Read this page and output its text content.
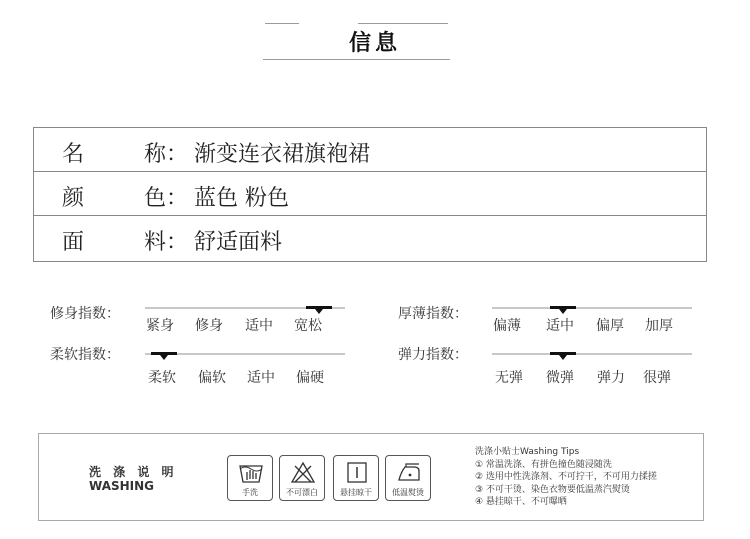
信息
名	称： 渐变连衣裙旗袍裙
颜	色： 蓝色 粉色
面	料： 舒适面料
修身指数：
紧身 修身 适中 宽松
厚薄指数：
偏薄 适中 偏厚 加厚
柔软指数：
柔软 偏软 适中 偏硬
弹力指数：
无弹 微弹 弹力 很弹
洗 涤 说 明
WASHING	手洗	不可漂白	悬挂晾干	低温熨烫
洗涤小贴士Washing Tips
① 常温洗涤、有拼色撞色随浸随洗
② 选用中性洗涤剂、不可拧干，不可用力揉搓
③ 不可干烫、染色衣物要低温蒸汽熨烫
④ 悬挂晾干、不可曝晒
